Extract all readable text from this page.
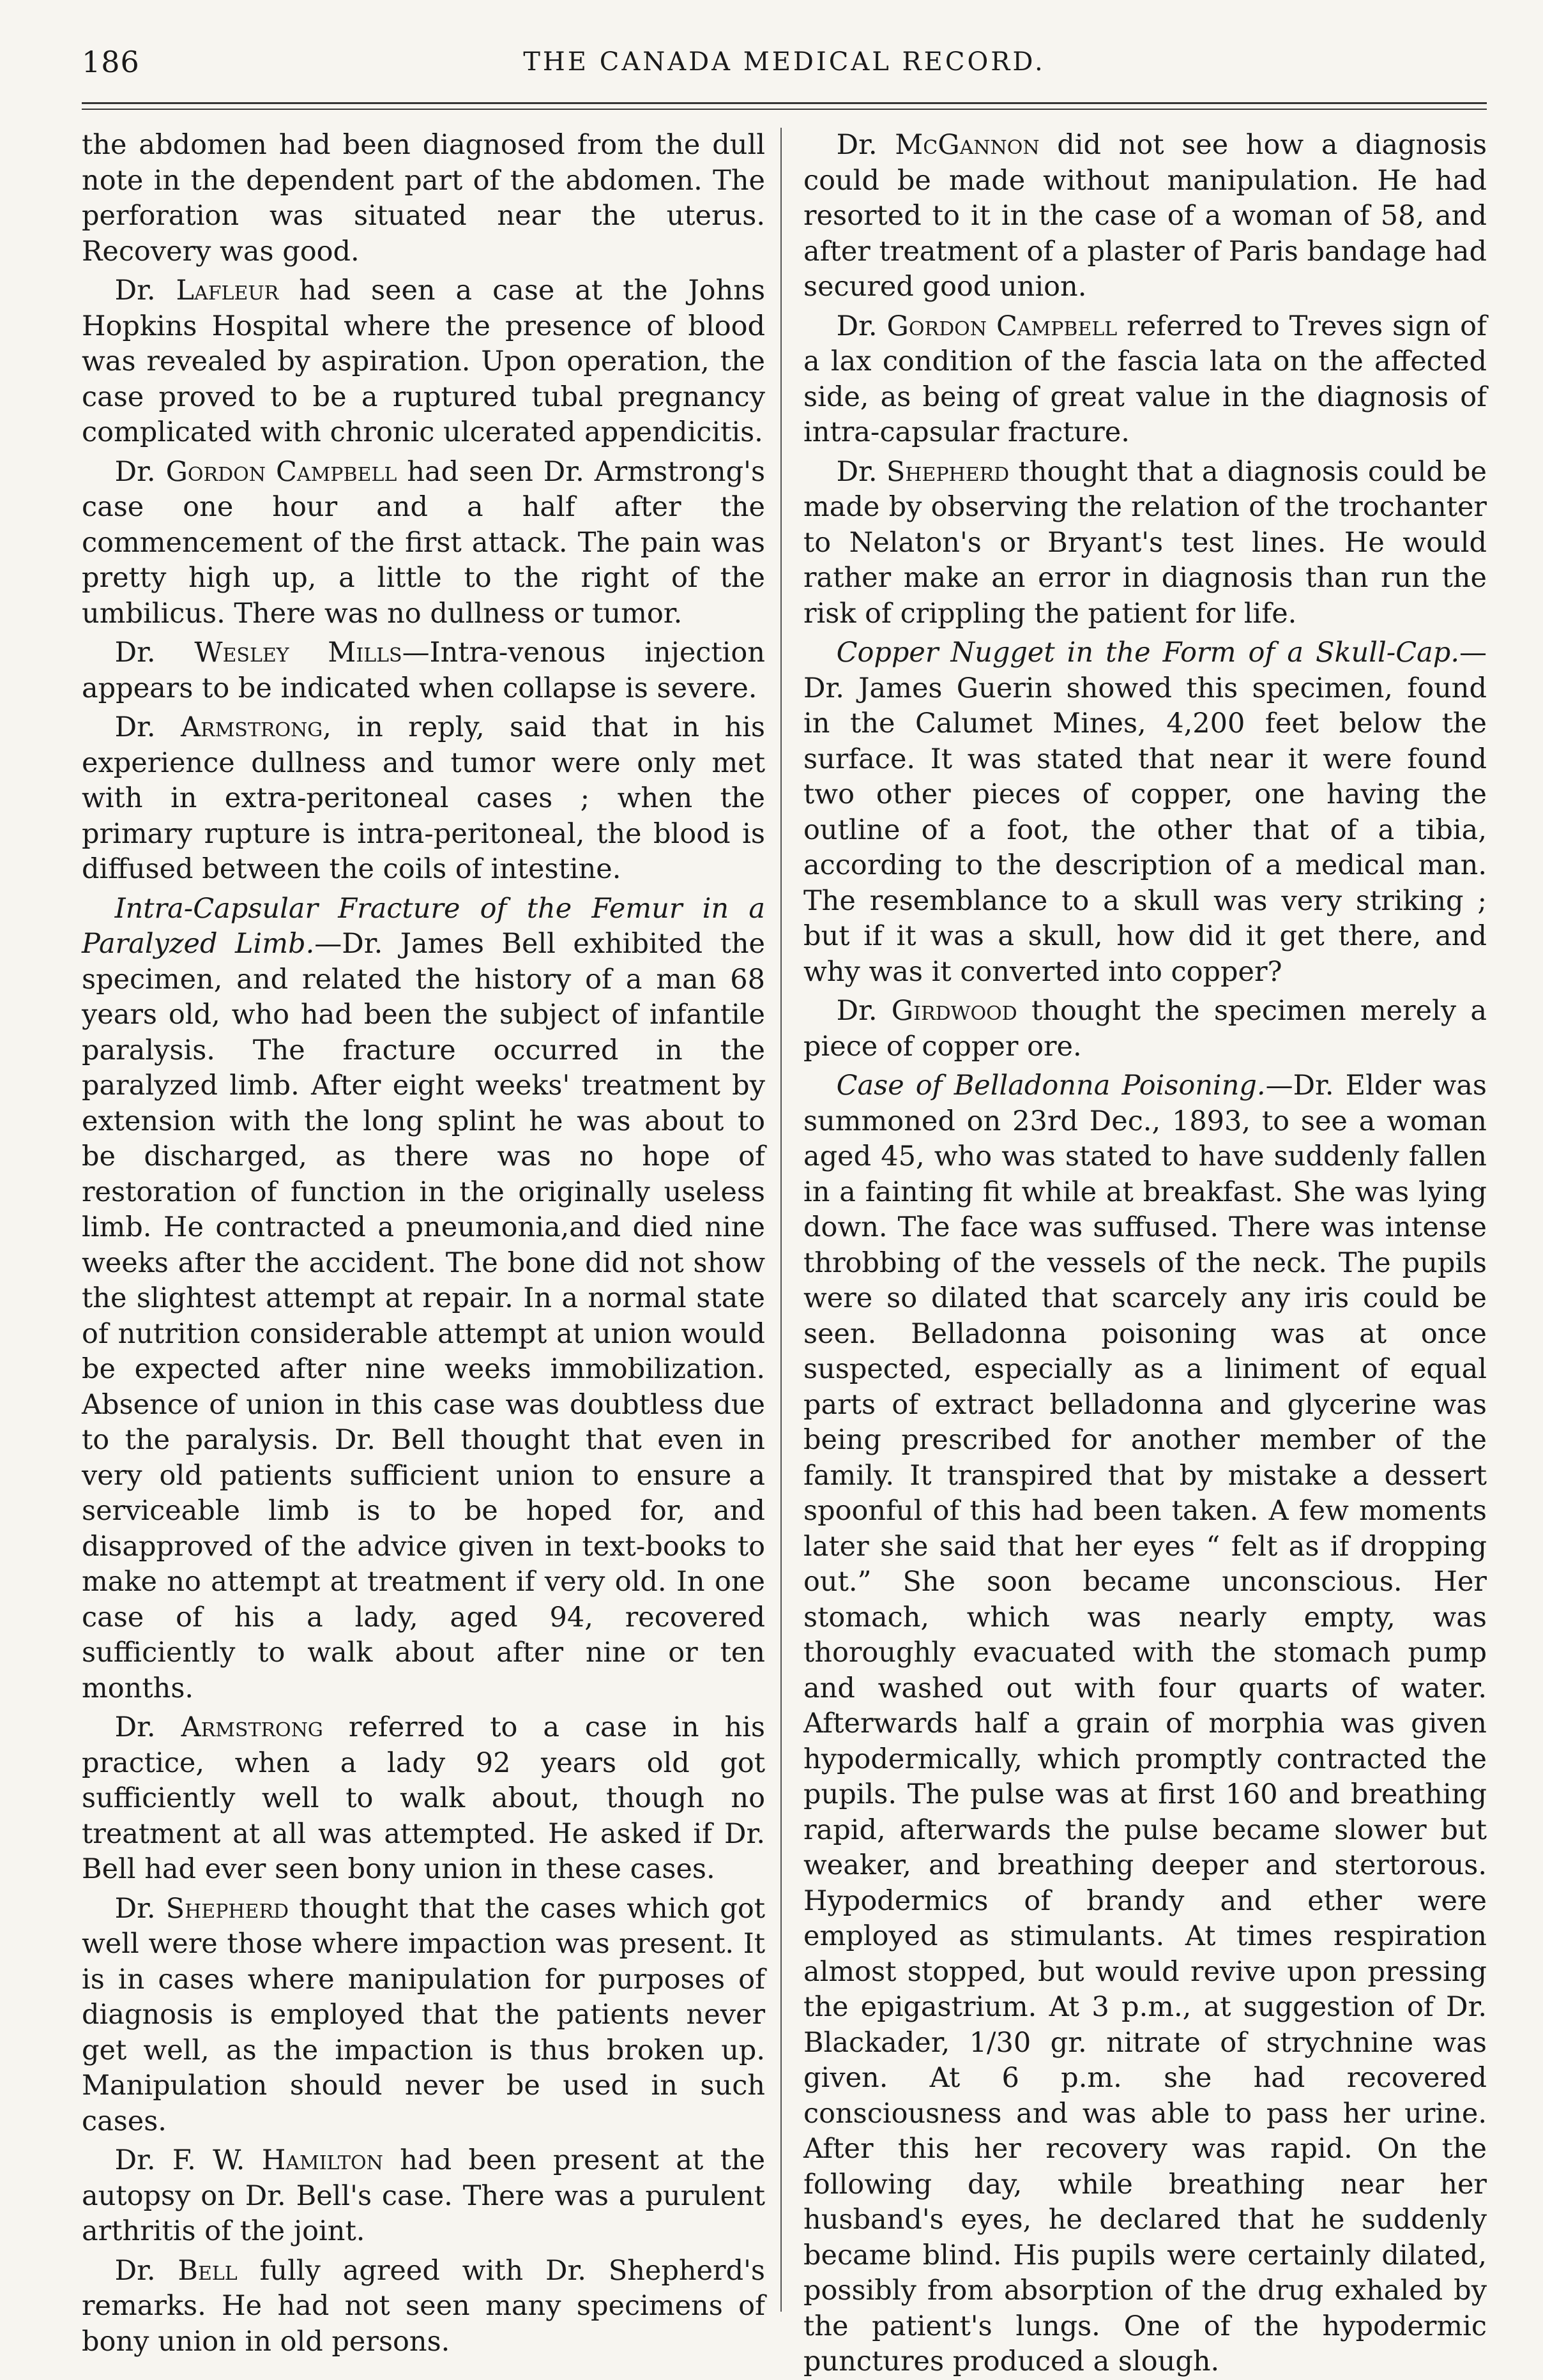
186	THE CANADA MEDICAL RECORD.

the abdomen had been diagnosed from the dull note in the dependent part of the abdomen. The perforation was situated near the uterus. Recovery was good.

Dr. Lafleur had seen a case at the Johns Hopkins Hospital where the presence of blood was revealed by aspiration. Upon operation, the case proved to be a ruptured tubal pregnancy complicated with chronic ulcerated appendicitis.

Dr. Gordon Campbell had seen Dr. Armstrong's case one hour and a half after the commencement of the first attack. The pain was pretty high up, a little to the right of the umbilicus. There was no dullness or tumor.

Dr. Wesley Mills—Intra-venous injection appears to be indicated when collapse is severe.

Dr. Armstrong, in reply, said that in his experience dullness and tumor were only met with in extra-peritoneal cases ; when the primary rupture is intra-peritoneal, the blood is diffused between the coils of intestine.

Intra-Capsular Fracture of the Femur in a Paralyzed Limb.—Dr. James Bell exhibited the specimen, and related the history of a man 68 years old, who had been the subject of infantile paralysis. The fracture occurred in the paralyzed limb. After eight weeks' treatment by extension with the long splint he was about to be discharged, as there was no hope of restoration of function in the originally useless limb. He contracted a pneumonia,and died nine weeks after the accident. The bone did not show the slightest attempt at repair. In a normal state of nutrition considerable attempt at union would be expected after nine weeks immobilization. Absence of union in this case was doubtless due to the paralysis. Dr. Bell thought that even in very old patients sufficient union to ensure a serviceable limb is to be hoped for, and disapproved of the advice given in text-books to make no attempt at treatment if very old. In one case of his a lady, aged 94, recovered sufficiently to walk about after nine or ten months.

Dr. Armstrong referred to a case in his practice, when a lady 92 years old got sufficiently well to walk about, though no treatment at all was attempted. He asked if Dr. Bell had ever seen bony union in these cases.

Dr. Shepherd thought that the cases which got well were those where impaction was present. It is in cases where manipulation for purposes of diagnosis is employed that the patients never get well, as the impaction is thus broken up. Manipulation should never be used in such cases.

Dr. F. W. Hamilton had been present at the autopsy on Dr. Bell's case. There was a purulent arthritis of the joint.

Dr. Bell fully agreed with Dr. Shepherd's remarks. He had not seen many specimens of bony union in old persons.

Dr. McGannon did not see how a diagnosis could be made without manipulation. He had resorted to it in the case of a woman of 58, and after treatment of a plaster of Paris bandage had secured good union.

Dr. Gordon Campbell referred to Treves sign of a lax condition of the fascia lata on the affected side, as being of great value in the diagnosis of intra-capsular fracture.

Dr. Shepherd thought that a diagnosis could be made by observing the relation of the trochanter to Nelaton's or Bryant's test lines. He would rather make an error in diagnosis than run the risk of crippling the patient for life.

Copper Nugget in the Form of a Skull-Cap.—Dr. James Guerin showed this specimen, found in the Calumet Mines, 4,200 feet below the surface. It was stated that near it were found two other pieces of copper, one having the outline of a foot, the other that of a tibia, according to the description of a medical man. The resemblance to a skull was very striking ; but if it was a skull, how did it get there, and why was it converted into copper?

Dr. Girdwood thought the specimen merely a piece of copper ore.

Case of Belladonna Poisoning.—Dr. Elder was summoned on 23rd Dec., 1893, to see a woman aged 45, who was stated to have suddenly fallen in a fainting fit while at breakfast. She was lying down. The face was suffused. There was intense throbbing of the vessels of the neck. The pupils were so dilated that scarcely any iris could be seen. Belladonna poisoning was at once suspected, especially as a liniment of equal parts of extract belladonna and glycerine was being prescribed for another member of the family. It transpired that by mistake a dessert spoonful of this had been taken. A few moments later she said that her eyes “ felt as if dropping out.” She soon became unconscious. Her stomach, which was nearly empty, was thoroughly evacuated with the stomach pump and washed out with four quarts of water. Afterwards half a grain of morphia was given hypodermically, which promptly contracted the pupils. The pulse was at first 160 and breathing rapid, afterwards the pulse became slower but weaker, and breathing deeper and stertorous. Hypodermics of brandy and ether were employed as stimulants. At times respiration almost stopped, but would revive upon pressing the epigastrium. At 3 p.m., at suggestion of Dr. Blackader, 1/30 gr. nitrate of strychnine was given. At 6 p.m. she had recovered consciousness and was able to pass her urine. After this her recovery was rapid. On the following day, while breathing near her husband's eyes, he declared that he suddenly became blind. His pupils were certainly dilated, possibly from absorption of the drug exhaled by the patient's lungs. One of the hypodermic punctures produced a slough.
